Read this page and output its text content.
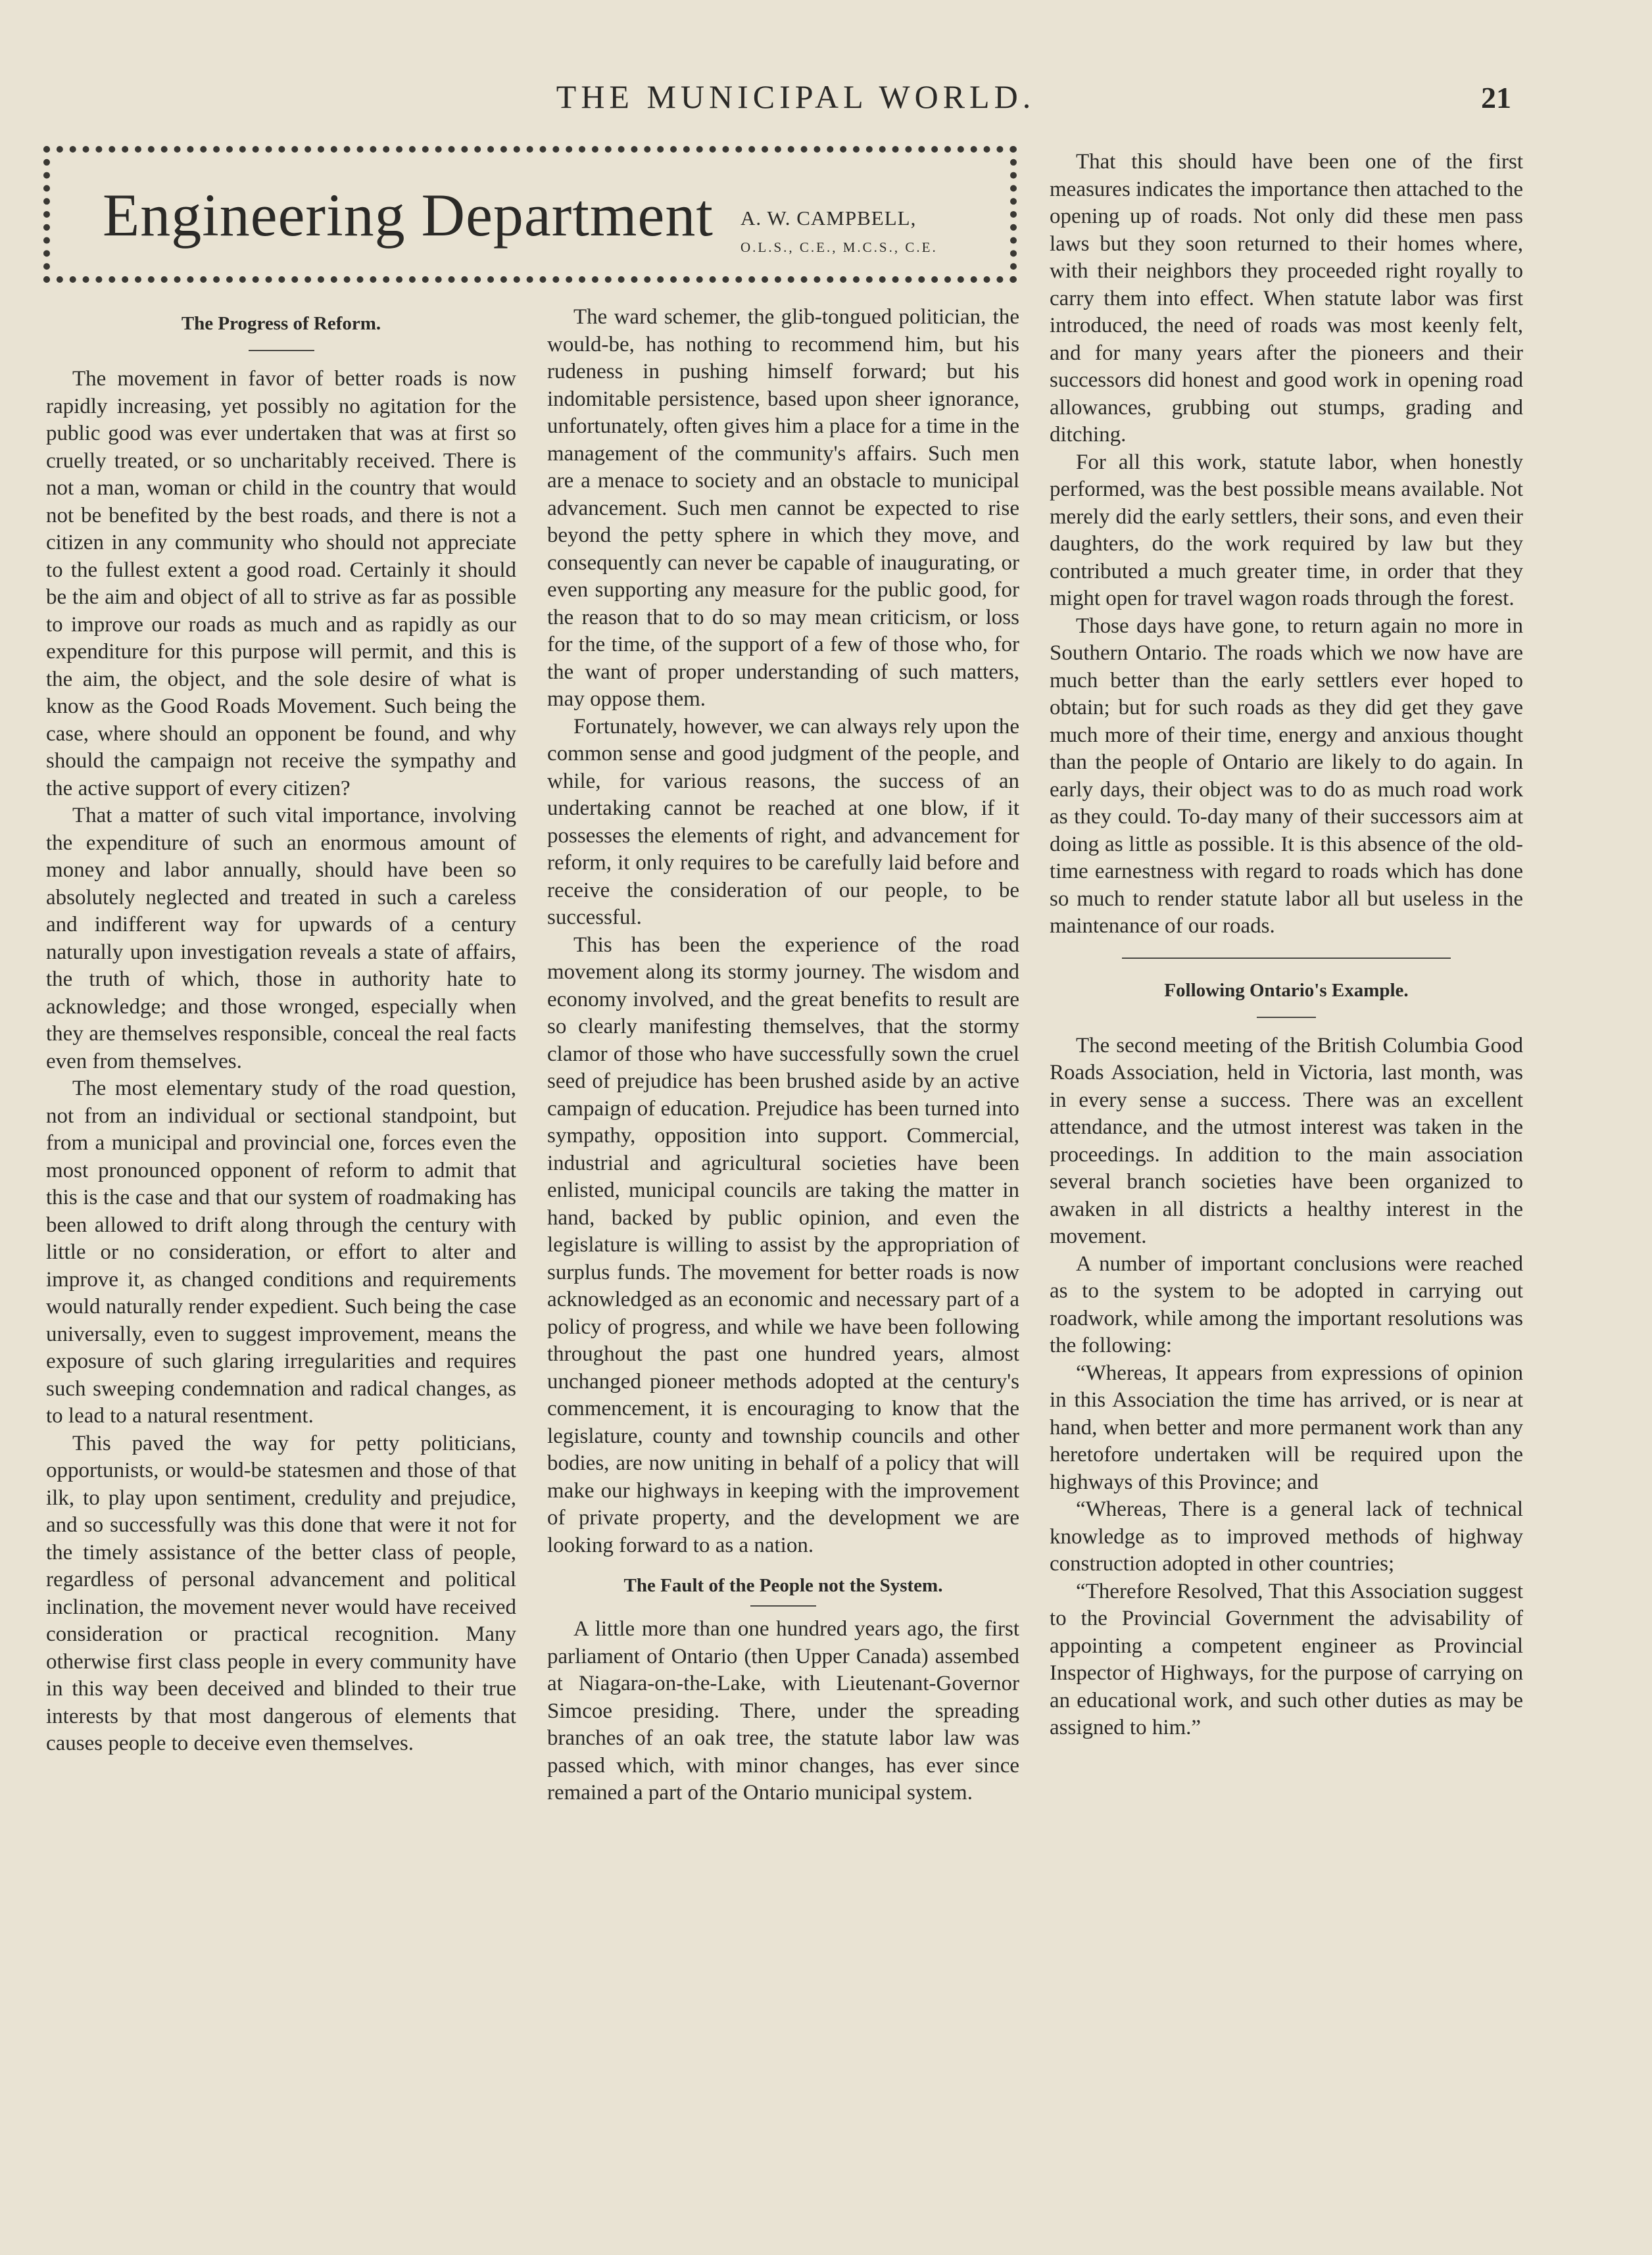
THE MUNICIPAL WORLD.	21
Engineering Department A. W. CAMPBELL,
O.L.S., C.E., M.C.S., C.E.
The Progress of Reform.

The movement in favor of better roads is now rapidly increasing, yet possibly no agitation for the public good was ever undertaken that was at first so cruelly treated, or so uncharitably received. There is not a man, woman or child in the country that would not be benefited by the best roads, and there is not a citizen in any community who should not appreciate to the fullest extent a good road. Certainly it should be the aim and object of all to strive as far as possible to improve our roads as much and as rapidly as our expenditure for this purpose will permit, and this is the aim, the object, and the sole desire of what is know as the Good Roads Movement. Such being the case, where should an opponent be found, and why should the campaign not receive the sympathy and the active support of every citizen?

That a matter of such vital importance, involving the expenditure of such an enormous amount of money and labor annually, should have been so absolutely neglected and treated in such a careless and indifferent way for upwards of a century naturally upon investigation reveals a state of affairs, the truth of which, those in authority hate to acknowledge; and those wronged, especially when they are themselves responsible, conceal the real facts even from themselves.

The most elementary study of the road question, not from an individual or sectional standpoint, but from a municipal and provincial one, forces even the most pronounced opponent of reform to admit that this is the case and that our system of roadmaking has been allowed to drift along through the century with little or no consideration, or effort to alter and improve it, as changed conditions and requirements would naturally render expedient. Such being the case universally, even to suggest improvement, means the exposure of such glaring irregularities and requires such sweeping condemnation and radical changes, as to lead to a natural resentment.

This paved the way for petty politicians, opportunists, or would-be statesmen and those of that ilk, to play upon sentiment, credulity and prejudice, and so successfully was this done that were it not for the timely assistance of the better class of people, regardless of personal advancement and political inclination, the movement never would have received consideration or practical recognition. Many otherwise first class people in every community have in this way been deceived and blinded to their true interests by that most dangerous of elements that causes people to deceive even themselves.

The ward schemer, the glib-tongued politician, the would-be, has nothing to recommend him, but his rudeness in pushing himself forward; but his indomitable persistence, based upon sheer ignorance, unfortunately, often gives him a place for a time in the management of the community's affairs. Such men are a menace to society and an obstacle to municipal advancement. Such men cannot be expected to rise beyond the petty sphere in which they move, and consequently can never be capable of inaugurating, or even supporting any measure for the public good, for the reason that to do so may mean criticism, or loss for the time, of the support of a few of those who, for the want of proper understanding of such matters, may oppose them.

Fortunately, however, we can always rely upon the common sense and good judgment of the people, and while, for various reasons, the success of an undertaking cannot be reached at one blow, if it possesses the elements of right, and advancement for reform, it only requires to be carefully laid before and receive the consideration of our people, to be successful.

This has been the experience of the road movement along its stormy journey. The wisdom and economy involved, and the great benefits to result are so clearly manifesting themselves, that the stormy clamor of those who have successfully sown the cruel seed of prejudice has been brushed aside by an active campaign of education. Prejudice has been turned into sympathy, opposition into support. Commercial, industrial and agricultural societies have been enlisted, municipal councils are taking the matter in hand, backed by public opinion, and even the legislature is willing to assist by the appropriation of surplus funds. The movement for better roads is now acknowledged as an economic and necessary part of a policy of progress, and while we have been following throughout the past one hundred years, almost unchanged pioneer methods adopted at the century's commencement, it is encouraging to know that the legislature, county and township councils and other bodies, are now uniting in behalf of a policy that will make our highways in keeping with the improvement of private property, and the development we are looking forward to as a nation.

The Fault of the People not the System.

A little more than one hundred years ago, the first parliament of Ontario (then Upper Canada) assembed at Niagara-on-the-Lake, with Lieutenant-Governor Simcoe presiding. There, under the spreading branches of an oak tree, the statute labor law was passed which, with minor changes, has ever since remained a part of the Ontario municipal system.

That this should have been one of the first measures indicates the importance then attached to the opening up of roads. Not only did these men pass laws but they soon returned to their homes where, with their neighbors they proceeded right royally to carry them into effect. When statute labor was first introduced, the need of roads was most keenly felt, and for many years after the pioneers and their successors did honest and good work in opening road allowances, grubbing out stumps, grading and ditching.

For all this work, statute labor, when honestly performed, was the best possible means available. Not merely did the early settlers, their sons, and even their daughters, do the work required by law but they contributed a much greater time, in order that they might open for travel wagon roads through the forest.

Those days have gone, to return again no more in Southern Ontario. The roads which we now have are much better than the early settlers ever hoped to obtain; but for such roads as they did get they gave much more of their time, energy and anxious thought than the people of Ontario are likely to do again. In early days, their object was to do as much road work as they could. To-day many of their successors aim at doing as little as possible. It is this absence of the old-time earnestness with regard to roads which has done so much to render statute labor all but useless in the maintenance of our roads.

Following Ontario's Example.

The second meeting of the British Columbia Good Roads Association, held in Victoria, last month, was in every sense a success. There was an excellent attendance, and the utmost interest was taken in the proceedings. In addition to the main association several branch societies have been organized to awaken in all districts a healthy interest in the movement.

A number of important conclusions were reached as to the system to be adopted in carrying out roadwork, while among the important resolutions was the following:

“Whereas, It appears from expressions of opinion in this Association the time has arrived, or is near at hand, when better and more permanent work than any heretofore undertaken will be required upon the highways of this Province; and

“Whereas, There is a general lack of technical knowledge as to improved methods of highway construction adopted in other countries;

“Therefore Resolved, That this Association suggest to the Provincial Government the advisability of appointing a competent engineer as Provincial Inspector of Highways, for the purpose of carrying on an educational work, and such other duties as may be assigned to him.”
